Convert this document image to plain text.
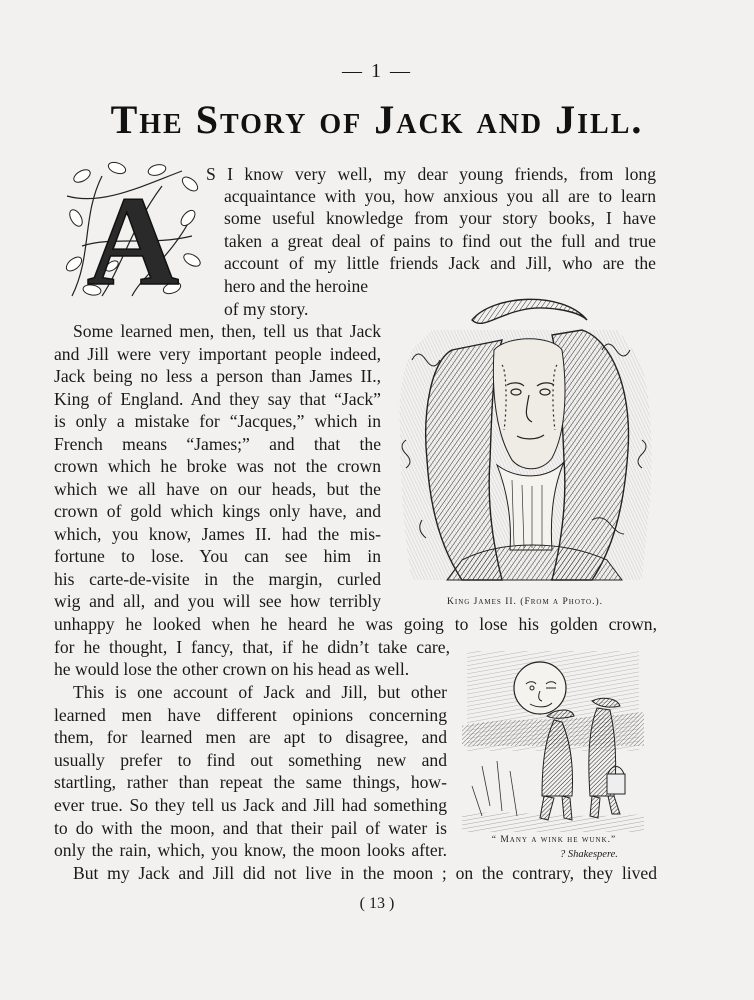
— 1 —
The Story of Jack and Jill.
A S I know very well, my dear young friends, from long
acquaintance with you, how anxious you all are to learn
some useful knowledge from your story books, I have
taken a great deal of pains to find out the full and true
account of my little friends Jack and Jill, who are the
hero and the heroine
of my story.
Some learned men, then, tell us that Jack
and Jill were very important people indeed,
Jack being no less a person than James II.,
King of England. And they say that “Jack”
is only a mistake for “Jacques,” which in
French means “James;” and that the
crown which he broke was not the crown
which we all have on our heads, but the
crown of gold which kings only have, and
which, you know, James II. had the mis-
fortune to lose. You can see him in
his carte-de-visite in the margin, curled
wig and all, and you will see how terribly
unhappy he looked when he heard he was going to lose his golden crown,
for he thought, I fancy, that, if he didn’t take care,
he would lose the other crown on his head as well.
This is one account of Jack and Jill, but other
learned men have different opinions concerning
them, for learned men are apt to disagree, and
usually prefer to find out something new and
startling, rather than repeat the same things, how-
ever true. So they tell us Jack and Jill had something
to do with the moon, and that their pail of water is
only the rain, which, you know, the moon looks after.
But my Jack and Jill did not live in the moon ; on the contrary, they lived
King James II. (From a Photo.).
“ Many a wink he wunk.”
? Shakespere.
( 13 )
